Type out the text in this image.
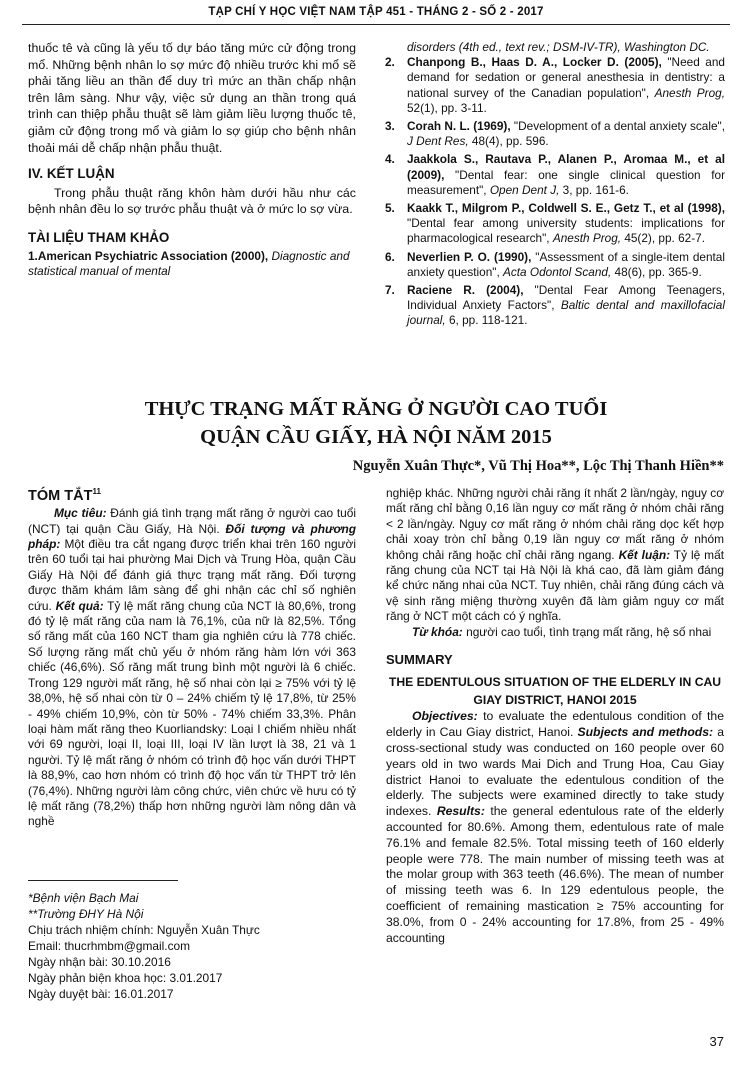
TẠP CHÍ Y HỌC VIỆT NAM TẬP 451 - THÁNG 2 - SỐ 2 - 2017

thuốc tê và cũng là yếu tố dự báo tăng mức cử động trong mổ. Những bệnh nhân lo sợ mức độ nhiều trước khi mổ sẽ phải tăng liều an thần để duy trì mức an thần chấp nhận trên lâm sàng. Như vậy, việc sử dụng an thần trong quá trình can thiệp phẫu thuật sẽ làm giảm liều lượng thuốc tê, giảm cử động trong mổ và giảm lo sợ giúp cho bệnh nhân thoải mái dễ chấp nhận phẫu thuật.

IV. KẾT LUẬN

Trong phẫu thuật răng khôn hàm dưới hầu như các bệnh nhân đều lo sợ trước phẫu thuật và ở mức lo sợ vừa.

TÀI LIỆU THAM KHẢO
1.American Psychiatric Association (2000), Diagnostic and statistical manual of mental
disorders (4th ed., text rev.; DSM-IV-TR), Washington DC.
2.	Chanpong B., Haas D. A., Locker D. (2005), "Need and demand for sedation or general anesthesia in dentistry: a national survey of the Canadian population", Anesth Prog, 52(1), pp. 3-11.
3.	Corah N. L. (1969), "Development of a dental anxiety scale", J Dent Res, 48(4), pp. 596.
4.	Jaakkola S., Rautava P., Alanen P., Aromaa M., et al (2009), "Dental fear: one single clinical question for measurement", Open Dent J, 3, pp. 161-6.
5.	Kaakk T., Milgrom P., Coldwell S. E., Getz T., et al (1998), "Dental fear among university students: implications for pharmacological research", Anesth Prog, 45(2), pp. 62-7.
6.	Neverlien P. O. (1990), "Assessment of a single-item dental anxiety question", Acta Odontol Scand, 48(6), pp. 365-9.
7.	Raciene R. (2004), "Dental Fear Among Teenagers, Individual Anxiety Factors", Baltic dental and maxillofacial journal, 6, pp. 118-121.
THỰC TRẠNG MẤT RĂNG Ở NGƯỜI CAO TUỔI
QUẬN CẦU GIẤY, HÀ NỘI NĂM 2015
Nguyễn Xuân Thực*, Vũ Thị Hoa**, Lộc Thị Thanh Hiền**
TÓM TẮT$^{11}$

Mục tiêu: Đánh giá tình trạng mất răng ở người cao tuổi (NCT) tại quận Cầu Giấy, Hà Nội. Đối tượng và phương pháp: Một điều tra cắt ngang được triển khai trên 160 người trên 60 tuổi tại hai phường Mai Dịch và Trung Hòa, quận Cầu Giấy Hà Nội để đánh giá thực trạng mất răng. Đối tượng được thăm khám lâm sàng để ghi nhận các chỉ số nghiên cứu. Kết quả: Tỷ lệ mất răng chung của NCT là 80,6%, trong đó tỷ lệ mất răng của nam là 76,1%, của nữ là 82,5%. Tổng số răng mất của 160 NCT tham gia nghiên cứu là 778 chiếc. Số lượng răng mất chủ yếu ở nhóm răng hàm lớn với 363 chiếc (46,6%). Số răng mất trung bình một người là 6 chiếc. Trong 129 người mất răng, hệ số nhai còn lại ≥ 75% với tỷ lệ 38,0%, hệ số nhai còn từ 0 – 24% chiếm tỷ lệ 17,8%, từ 25% - 49% chiếm 10,9%, còn từ 50% - 74% chiếm 33,3%. Phân loại hàm mất răng theo Kuorliandsky: Loại I chiếm nhiều nhất với 69 người, loại II, loại III, loại IV lần lượt là 38, 21 và 1 người. Tỷ lệ mất răng ở nhóm có trình độ học vấn dưới THPT là 88,9%, cao hơn nhóm có trình độ học vấn từ THPT trở lên (76,4%). Những người làm công chức, viên chức về hưu có tỷ lệ mất răng (78,2%) thấp hơn những người làm nông dân và nghề

*Bệnh viện Bạch Mai
**Trường ĐHY Hà Nội
Chịu trách nhiệm chính: Nguyễn Xuân Thực
Email: thucrhmbm@gmail.com
Ngày nhận bài: 30.10.2016
Ngày phản biện khoa học: 3.01.2017
Ngày duyệt bài: 16.01.2017

nghiệp khác. Những người chải răng ít nhất 2 lần/ngày, nguy cơ mất răng chỉ bằng 0,16 lần nguy cơ mất răng ở nhóm chải răng < 2 lần/ngày. Nguy cơ mất răng ở nhóm chải răng dọc kết hợp chải xoay tròn chỉ bằng 0,19 lần nguy cơ mất răng ở nhóm không chải răng hoặc chỉ chải răng ngang. Kết luận: Tỷ lệ mất răng chung của NCT tại Hà Nội là khá cao, đã làm giảm đáng kể chức năng nhai của NCT. Tuy nhiên, chải răng đúng cách và vệ sinh răng miệng thường xuyên đã làm giảm nguy cơ mất răng ở NCT một cách có ý nghĩa.

Từ khóa: người cao tuổi, tình trạng mất răng, hệ số nhai

SUMMARY
THE EDENTULOUS SITUATION OF THE ELDERLY IN CAU GIAY DISTRICT, HANOI 2015

Objectives: to evaluate the edentulous condition of the elderly in Cau Giay district, Hanoi. Subjects and methods: a cross-sectional study was conducted on 160 people over 60 years old in two wards Mai Dich and Trung Hoa, Cau Giay district Hanoi to evaluate the edentulous condition of the elderly. The subjects were examined directly to take study indexes. Results: the general edentulous rate of the elderly accounted for 80.6%. Among them, edentulous rate of male 76.1% and female 82.5%. Total missing teeth of 160 elderly people were 778. The main number of missing teeth was at the molar group with 363 teeth (46.6%). The mean of number of missing teeth was 6. In 129 edentulous people, the coefficient of remaining mastication ≥ 75% accounting for 38.0%, from 0 - 24% accounting for 17.8%, from 25 - 49% accounting

37
